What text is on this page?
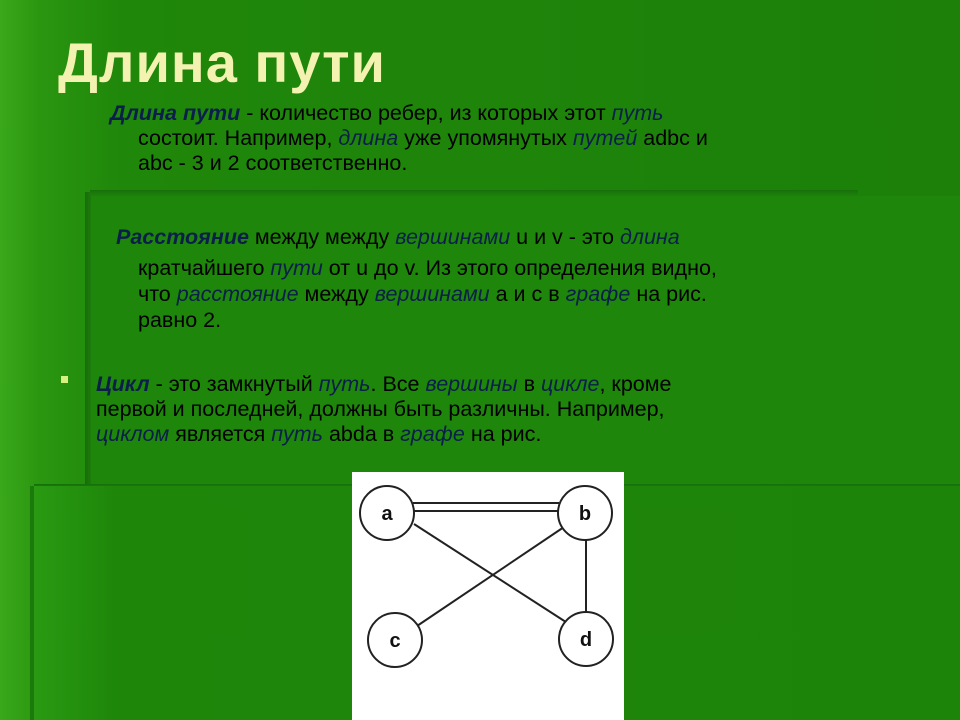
Длина пути
Длина пути - количество ребер, из которых этот путь
состоит. Например, длина уже упомянутых путей adbc и
abc - 3 и 2 соответственно.
Расстояние между между вершинами u и v - это длина
кратчайшего пути от u до v. Из этого определения видно,
что расстояние между вершинами a и c в графе на рис.
равно 2.
Цикл - это замкнутый путь. Все вершины в цикле, кроме
первой и последней, должны быть различны. Например,
циклом является путь abda в графе на рис.
a	b
c	d
